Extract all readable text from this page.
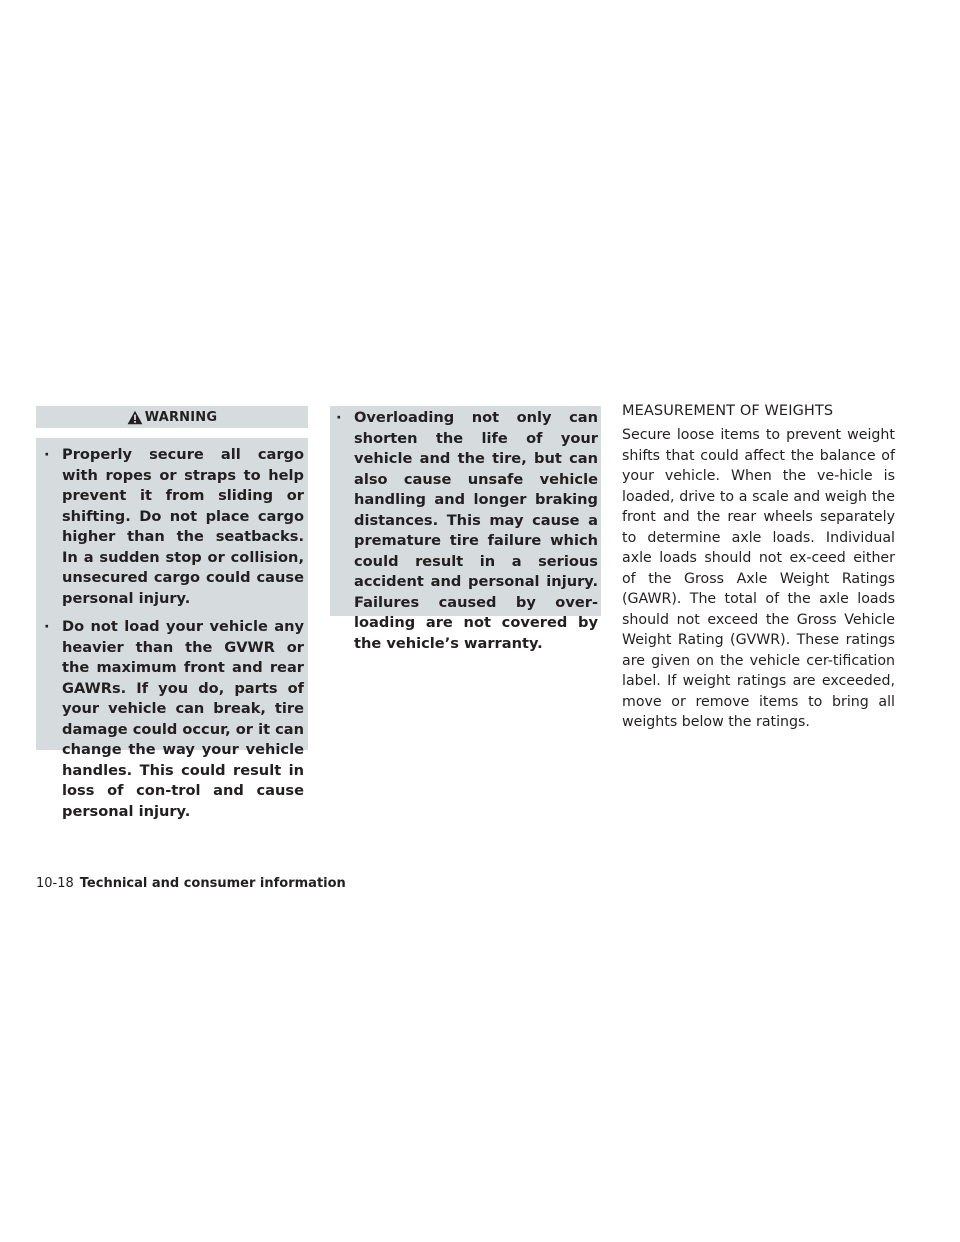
WARNING
· Properly secure all cargo with ropes or straps to help prevent it from sliding or shifting. Do not place cargo higher than the seatbacks. In a sudden stop or collision, unsecured cargo could cause personal injury.
· Do not load your vehicle any heavier than the GVWR or the maximum front and rear GAWRs. If you do, parts of your vehicle can break, tire damage could occur, or it can change the way your vehicle handles. This could result in loss of con-trol and cause personal injury.
· Overloading not only can shorten the life of your vehicle and the tire, but can also cause unsafe vehicle handling and longer braking distances. This may cause a premature tire failure which could result in a serious accident and personal injury. Failures caused by over-loading are not covered by the vehicle’s warranty.
MEASUREMENT OF WEIGHTS
Secure loose items to prevent weight shifts that could affect the balance of your vehicle. When the ve-hicle is loaded, drive to a scale and weigh the front and the rear wheels separately to determine axle loads. Individual axle loads should not ex-ceed either of the Gross Axle Weight Ratings (GAWR). The total of the axle loads should not exceed the Gross Vehicle Weight Rating (GVWR). These ratings are given on the vehicle cer-tification label. If weight ratings are exceeded, move or remove items to bring all weights below the ratings.
10-18 Technical and consumer information
